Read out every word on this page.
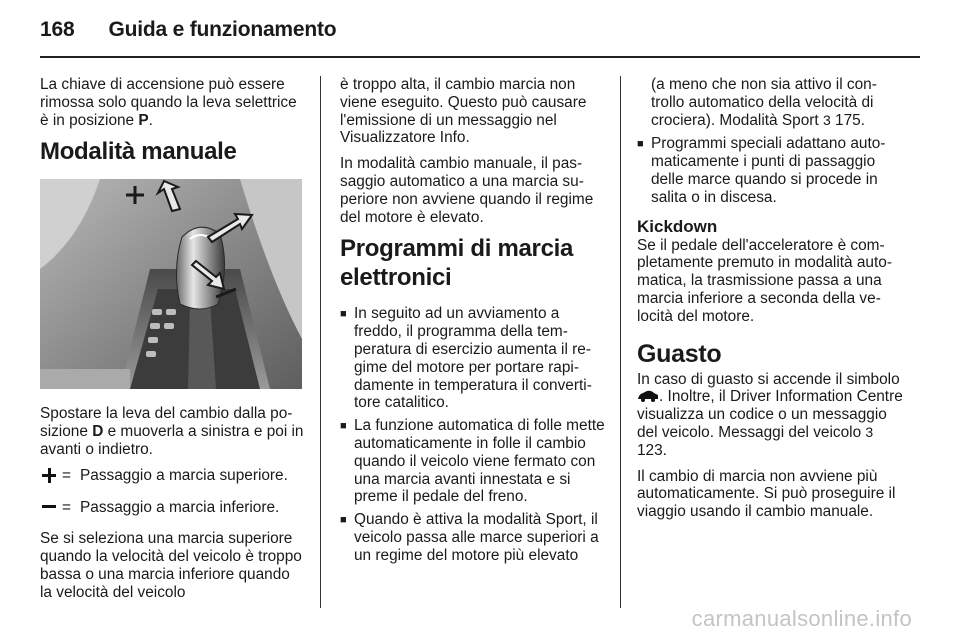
168 Guida e funzionamento

La chiave di accensione può essere rimossa solo quando la leva selettrice è in posizione P.

Modalità manuale

Spostare la leva del cambio dalla posizione D e muoverla a sinistra e poi in avanti o indietro.

= Passaggio a marcia superiore.
= Passaggio a marcia inferiore.

Se si seleziona una marcia superiore quando la velocità del veicolo è troppo bassa o una marcia inferiore quando la velocità del veicolo

è troppo alta, il cambio marcia non viene eseguito. Questo può causare l'emissione di un messaggio nel Visualizzatore Info.

In modalità cambio manuale, il passaggio automatico a una marcia superiore non avviene quando il regime del motore è elevato.

Programmi di marcia elettronici
■ In seguito ad un avviamento a freddo, il programma della temperatura di esercizio aumenta il regime del motore per portare rapidamente in temperatura il convertitore catalitico.
■ La funzione automatica di folle mette automaticamente in folle il cambio quando il veicolo viene fermato con una marcia avanti innestata e si preme il pedale del freno.
■ Quando è attiva la modalità Sport, il veicolo passa alle marce superiori a un regime del motore più elevato
(a meno che non sia attivo il controllo automatico della velocità di crociera). Modalità Sport 3 175.
■ Programmi speciali adattano automaticamente i punti di passaggio delle marce quando si procede in salita o in discesa.
Kickdown

Se il pedale dell'acceleratore è completamente premuto in modalità automatica, la trasmissione passa a una marcia inferiore a seconda della velocità del motore.

Guasto

In caso di guasto si accende il simbolo . Inoltre, il Driver Information Centre visualizza un codice o un messaggio del veicolo. Messaggi del veicolo 3 123.

Il cambio di marcia non avviene più automaticamente. Si può proseguire il viaggio usando il cambio manuale.

carmanualsonline.info
